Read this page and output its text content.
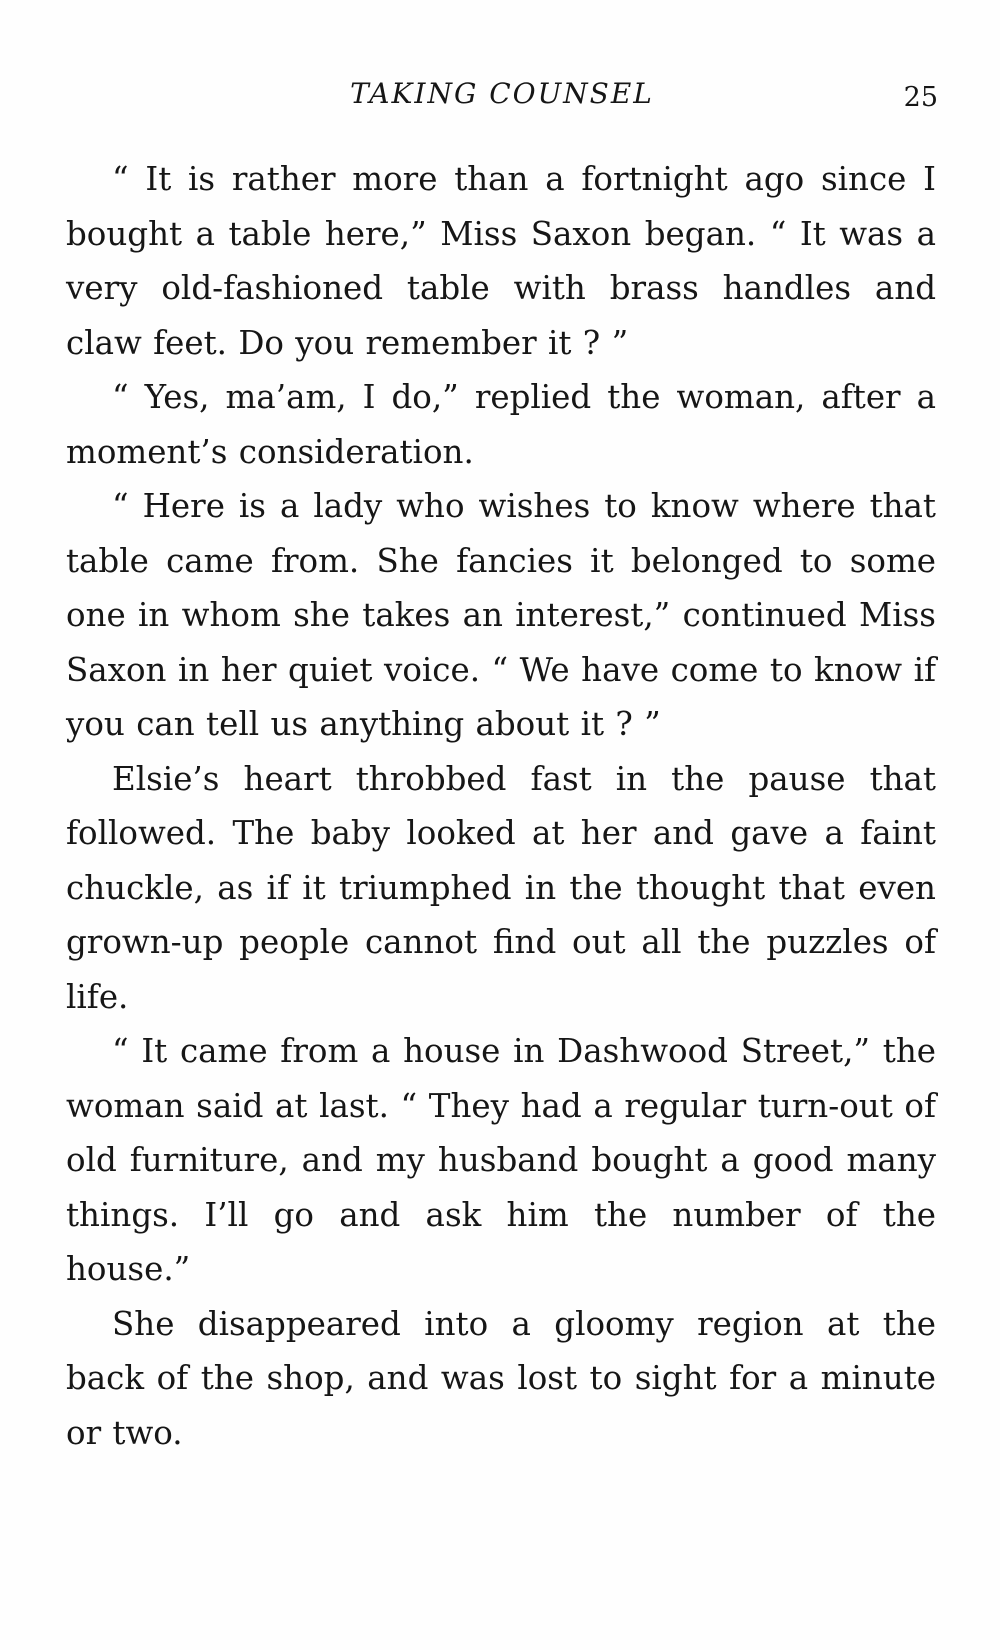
TAKING COUNSEL	25

“ It is rather more than a fortnight ago since I bought a table here,” Miss Saxon began. “ It was a very old-fashioned table with brass handles and claw feet. Do you remember it ? ”

“ Yes, ma’am, I do,” replied the woman, after a moment’s consideration.

“ Here is a lady who wishes to know where that table came from. She fancies it belonged to some one in whom she takes an interest,” continued Miss Saxon in her quiet voice. “ We have come to know if you can tell us anything about it ? ”

Elsie’s heart throbbed fast in the pause that followed. The baby looked at her and gave a faint chuckle, as if it triumphed in the thought that even grown-up people cannot find out all the puzzles of life.

“ It came from a house in Dashwood Street,” the woman said at last. “ They had a regular turn-out of old furniture, and my husband bought a good many things. I’ll go and ask him the number of the house.”

She disappeared into a gloomy region at the back of the shop, and was lost to sight for a minute or two.
